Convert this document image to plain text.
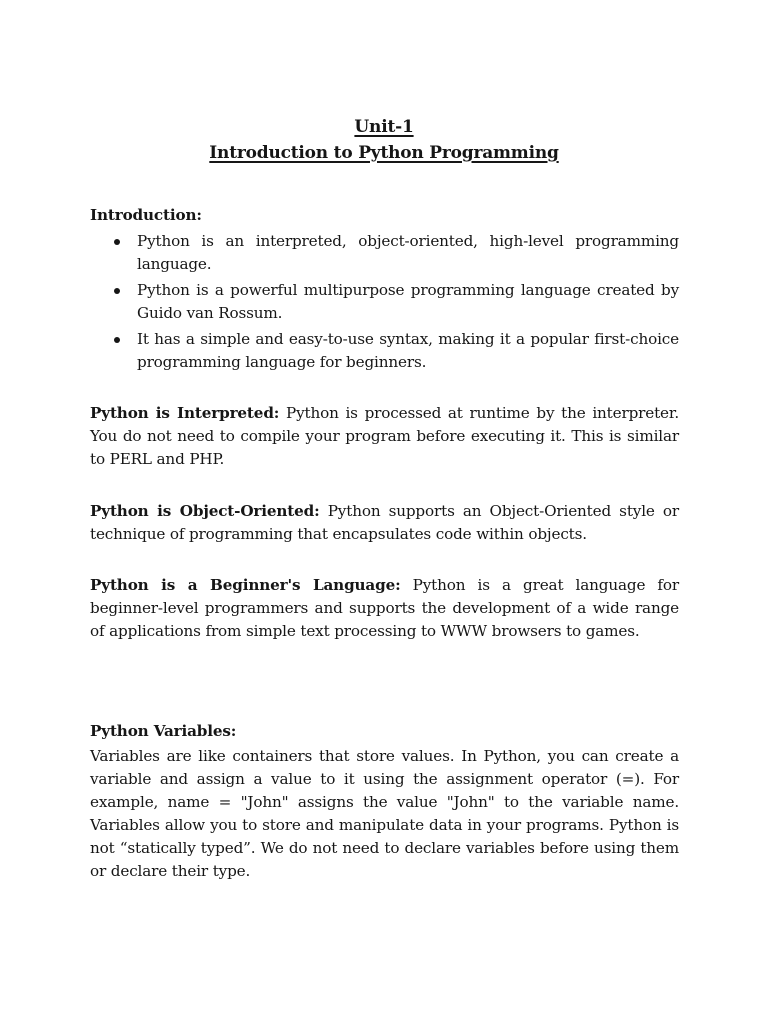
Unit-1
Introduction to Python Programming
Introduction:
Python is an interpreted, object-oriented, high-level programming language.
Python is a powerful multipurpose programming language created by Guido van Rossum.
It has a simple and easy-to-use syntax, making it a popular first-choice programming language for beginners.

Python is Interpreted: Python is processed at runtime by the interpreter. You do not need to compile your program before executing it. This is similar to PERL and PHP.

Python is Object-Oriented: Python supports an Object-Oriented style or technique of programming that encapsulates code within objects.

Python is a Beginner's Language: Python is a great language for beginner-level programmers and supports the development of a wide range of applications from simple text processing to WWW browsers to games.

Python Variables:

Variables are like containers that store values. In Python, you can create a variable and assign a value to it using the assignment operator (=). For example, name = "John" assigns the value "John" to the variable name. Variables allow you to store and manipulate data in your programs. Python is not “statically typed”. We do not need to declare variables before using them or declare their type.
